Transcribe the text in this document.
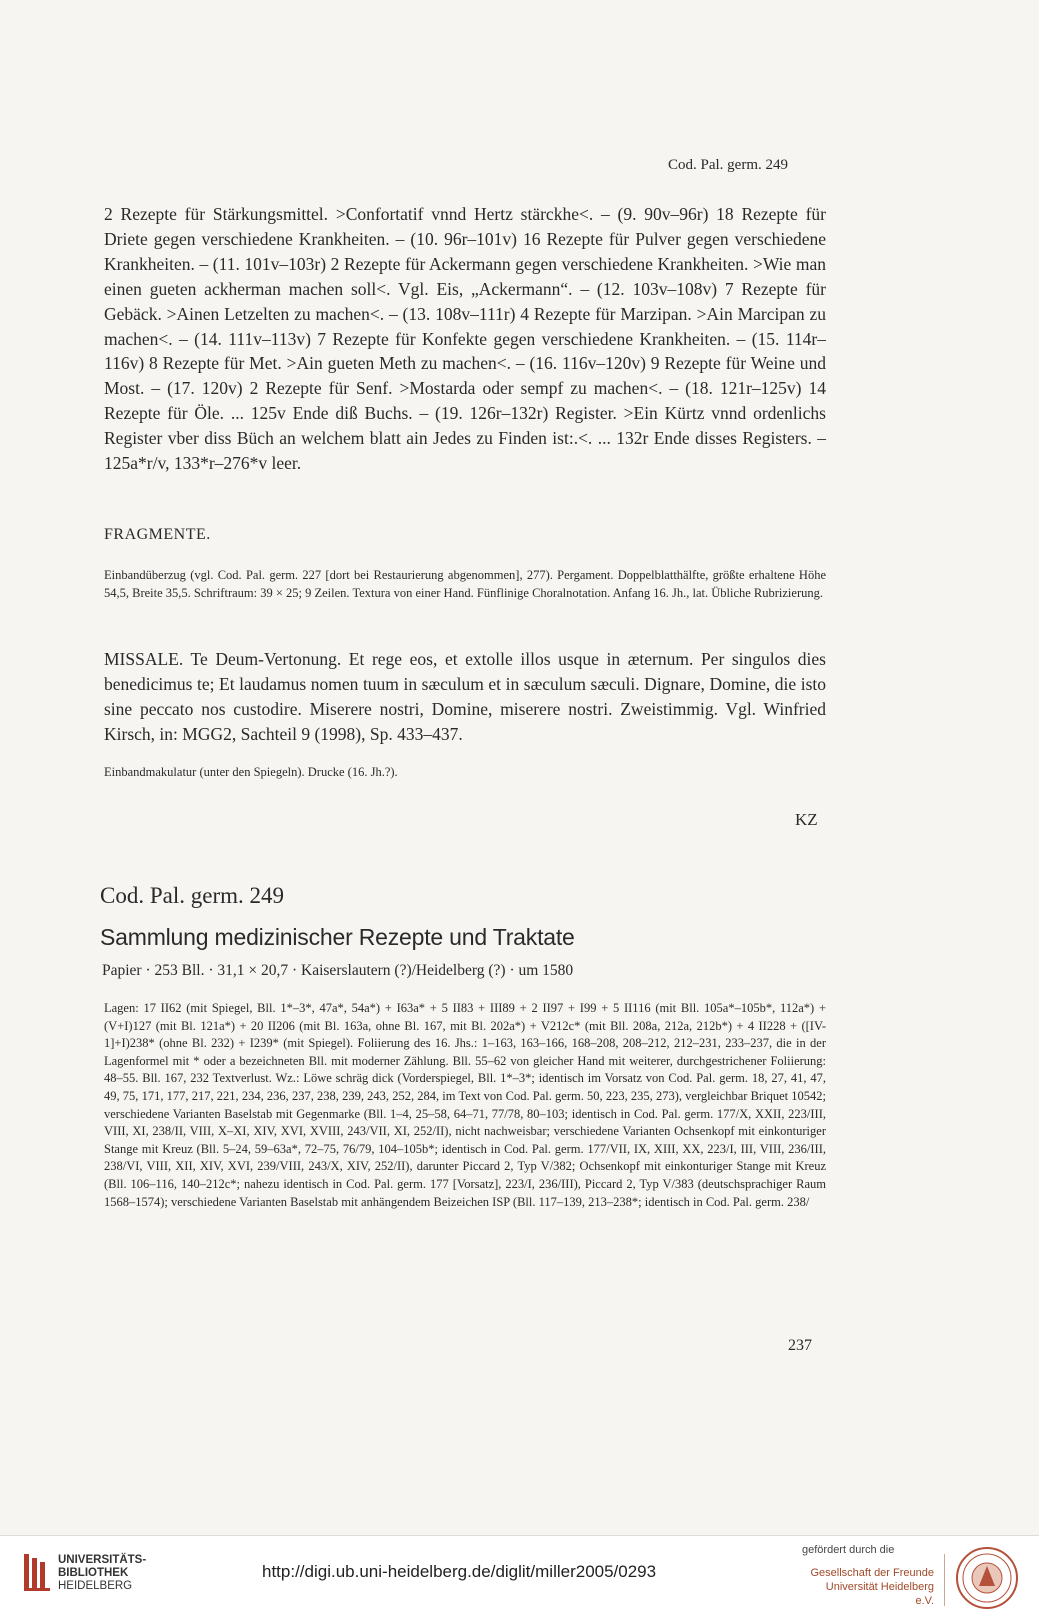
Cod. Pal. germ. 249
2 Rezepte für Stärkungsmittel. >Confortatif vnnd Hertz stärckhe<. – (9. 90v–96r) 18 Rezepte für Driete gegen verschiedene Krankheiten. – (10. 96r–101v) 16 Rezepte für Pulver gegen verschiedene Krankheiten. – (11. 101v–103r) 2 Rezepte für Ackermann gegen verschiedene Krankheiten. >Wie man einen gueten ackherman machen soll<. Vgl. Eis, „Ackermann“. – (12. 103v–108v) 7 Rezepte für Gebäck. >Ainen Letzelten zu machen<. – (13. 108v–111r) 4 Rezepte für Marzipan. >Ain Marcipan zu machen<. – (14. 111v–113v) 7 Rezepte für Konfekte gegen verschiedene Krankheiten. – (15. 114r–116v) 8 Rezepte für Met. >Ain gueten Meth zu machen<. – (16. 116v–120v) 9 Rezepte für Weine und Most. – (17. 120v) 2 Rezepte für Senf. >Mostarda oder sempf zu machen<. – (18. 121r–125v) 14 Rezepte für Öle. ... 125v Ende diß Buchs. – (19. 126r–132r) Register. >Ein Kürtz vnnd ordenlichs Register vber diss Büch an welchem blatt ain Jedes zu Finden ist:.<. ... 132r Ende disses Registers. – 125a*r/v, 133*r–276*v leer.
FRAGMENTE.
Einbandüberzug (vgl. Cod. Pal. germ. 227 [dort bei Restaurierung abgenommen], 277). Pergament. Doppelblatthälfte, größte erhaltene Höhe 54,5, Breite 35,5. Schriftraum: 39 × 25; 9 Zeilen. Textura von einer Hand. Fünflinige Choralnotation. Anfang 16. Jh., lat. Übliche Rubrizierung.
MISSALE. Te Deum-Vertonung. Et rege eos, et extolle illos usque in æternum. Per singulos dies benedicimus te; Et laudamus nomen tuum in sæculum et in sæculum sæculi. Dignare, Domine, die isto sine peccato nos custodire. Miserere nostri, Domine, miserere nostri. Zweistimmig. Vgl. Winfried Kirsch, in: MGG2, Sachteil 9 (1998), Sp. 433–437.
Einbandmakulatur (unter den Spiegeln). Drucke (16. Jh.?).
KZ
Cod. Pal. germ. 249
Sammlung medizinischer Rezepte und Traktate
Papier · 253 Bll. · 31,1 × 20,7 · Kaiserslautern (?)/Heidelberg (?) · um 1580
Lagen: 17 II62 (mit Spiegel, Bll. 1*–3*, 47a*, 54a*) + I63a* + 5 II83 + III89 + 2 II97 + I99 + 5 II116 (mit Bll. 105a*–105b*, 112a*) + (V+I)127 (mit Bl. 121a*) + 20 II206 (mit Bl. 163a, ohne Bl. 167, mit Bl. 202a*) + V212c* (mit Bll. 208a, 212a, 212b*) + 4 II228 + ([IV-1]+I)238* (ohne Bl. 232) + I239* (mit Spiegel). Foliierung des 16. Jhs.: 1–163, 163–166, 168–208, 208–212, 212–231, 233–237, die in der Lagenformel mit * oder a bezeichneten Bll. mit moderner Zählung. Bll. 55–62 von gleicher Hand mit weiterer, durchgestrichener Foliierung: 48–55. Bll. 167, 232 Textverlust. Wz.: Löwe schräg dick (Vorderspiegel, Bll. 1*–3*; identisch im Vorsatz von Cod. Pal. germ. 18, 27, 41, 47, 49, 75, 171, 177, 217, 221, 234, 236, 237, 238, 239, 243, 252, 284, im Text von Cod. Pal. germ. 50, 223, 235, 273), vergleichbar Briquet 10542; verschiedene Varianten Baselstab mit Gegenmarke (Bll. 1–4, 25–58, 64–71, 77/78, 80–103; identisch in Cod. Pal. germ. 177/X, XXII, 223/III, VIII, XI, 238/II, VIII, X–XI, XIV, XVI, XVIII, 243/VII, XI, 252/II), nicht nachweisbar; verschiedene Varianten Ochsenkopf mit einkonturiger Stange mit Kreuz (Bll. 5–24, 59–63a*, 72–75, 76/79, 104–105b*; identisch in Cod. Pal. germ. 177/VII, IX, XIII, XX, 223/I, III, VIII, 236/III, 238/VI, VIII, XII, XIV, XVI, 239/VIII, 243/X, XIV, 252/II), darunter Piccard 2, Typ V/382; Ochsenkopf mit einkonturiger Stange mit Kreuz (Bll. 106–116, 140–212c*; nahezu identisch in Cod. Pal. germ. 177 [Vorsatz], 223/I, 236/III), Piccard 2, Typ V/383 (deutschsprachiger Raum 1568–1574); verschiedene Varianten Baselstab mit anhängendem Beizeichen ISP (Bll. 117–139, 213–238*; identisch in Cod. Pal. germ. 238/
237
UNIVERSITÄTS-
BIBLIOTHEK
HEIDELBERG
http://digi.ub.uni-heidelberg.de/diglit/miller2005/0293
gefördert durch die
Gesellschaft der Freunde
Universität Heidelberg e.V.
